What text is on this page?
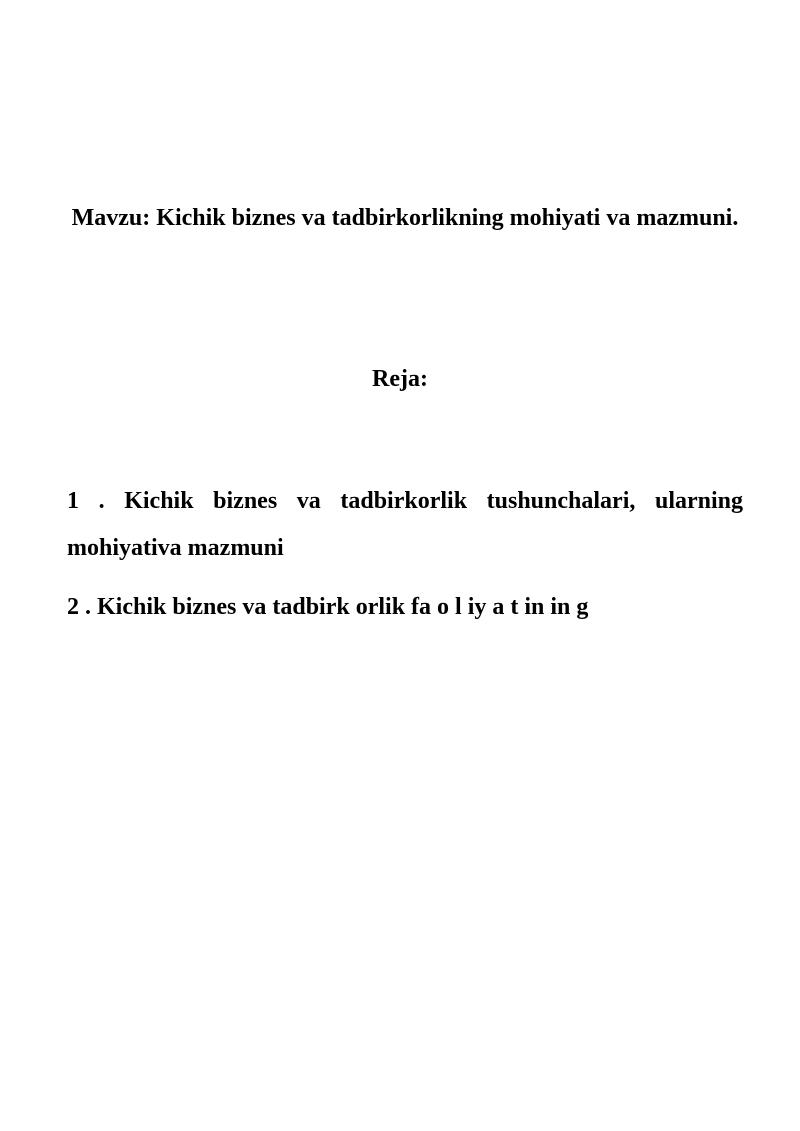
Mavzu: Kichik biznes va tadbirkorlikning mohiyati va mazmuni.
Reja:
1 . Kichik biznes va tadbirkorlik tushunchalari, ularning mohiyativa mazmuni
2 . Kichik biznes va tadbirk orlik fa o l iy a t in in g
